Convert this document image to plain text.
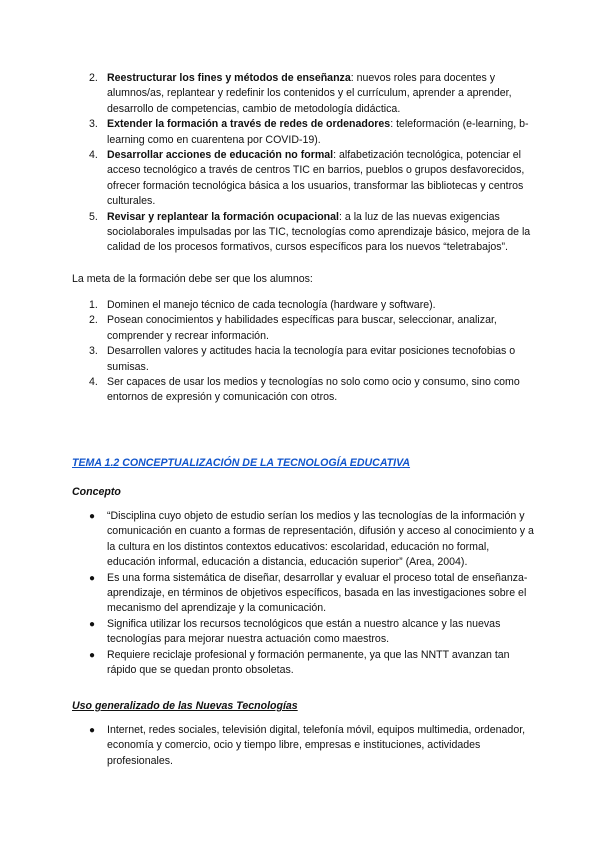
2. Reestructurar los fines y métodos de enseñanza: nuevos roles para docentes y alumnos/as, replantear y redefinir los contenidos y el currículum, aprender a aprender, desarrollo de competencias, cambio de metodología didáctica.
3. Extender la formación a través de redes de ordenadores: teleformación (e-learning, b-learning como en cuarentena por COVID-19).
4. Desarrollar acciones de educación no formal: alfabetización tecnológica, potenciar el acceso tecnológico a través de centros TIC en barrios, pueblos o grupos desfavorecidos, ofrecer formación tecnológica básica a los usuarios, transformar las bibliotecas y centros culturales.
5. Revisar y replantear la formación ocupacional: a la luz de las nuevas exigencias sociolaborales impulsadas por las TIC, tecnologías como aprendizaje básico, mejora de la calidad de los procesos formativos, cursos específicos para los nuevos “teletrabajos”.

La meta de la formación debe ser que los alumnos:

1. Dominen el manejo técnico de cada tecnología (hardware y software).
2. Posean conocimientos y habilidades específicas para buscar, seleccionar, analizar, comprender y recrear información.
3. Desarrollen valores y actitudes hacia la tecnología para evitar posiciones tecnofobias o sumisas.
4. Ser capaces de usar los medios y tecnologías no solo como ocio y consumo, sino como entornos de expresión y comunicación con otros.
TEMA 1.2 CONCEPTUALIZACIÓN DE LA TECNOLOGÍA EDUCATIVA
Concepto
● “Disciplina cuyo objeto de estudio serían los medios y las tecnologías de la información y comunicación en cuanto a formas de representación, difusión y acceso al conocimiento y a la cultura en los distintos contextos educativos: escolaridad, educación no formal, educación informal, educación a distancia, educación superior” (Area, 2004).
● Es una forma sistemática de diseñar, desarrollar y evaluar el proceso total de enseñanza-aprendizaje, en términos de objetivos específicos, basada en las investigaciones sobre el mecanismo del aprendizaje y la comunicación.
● Significa utilizar los recursos tecnológicos que están a nuestro alcance y las nuevas tecnologías para mejorar nuestra actuación como maestros.
● Requiere reciclaje profesional y formación permanente, ya que las NNTT avanzan tan rápido que se quedan pronto obsoletas.
Uso generalizado de las Nuevas Tecnologías
● Internet, redes sociales, televisión digital, telefonía móvil, equipos multimedia, ordenador, economía y comercio, ocio y tiempo libre, empresas e instituciones, actividades profesionales.
